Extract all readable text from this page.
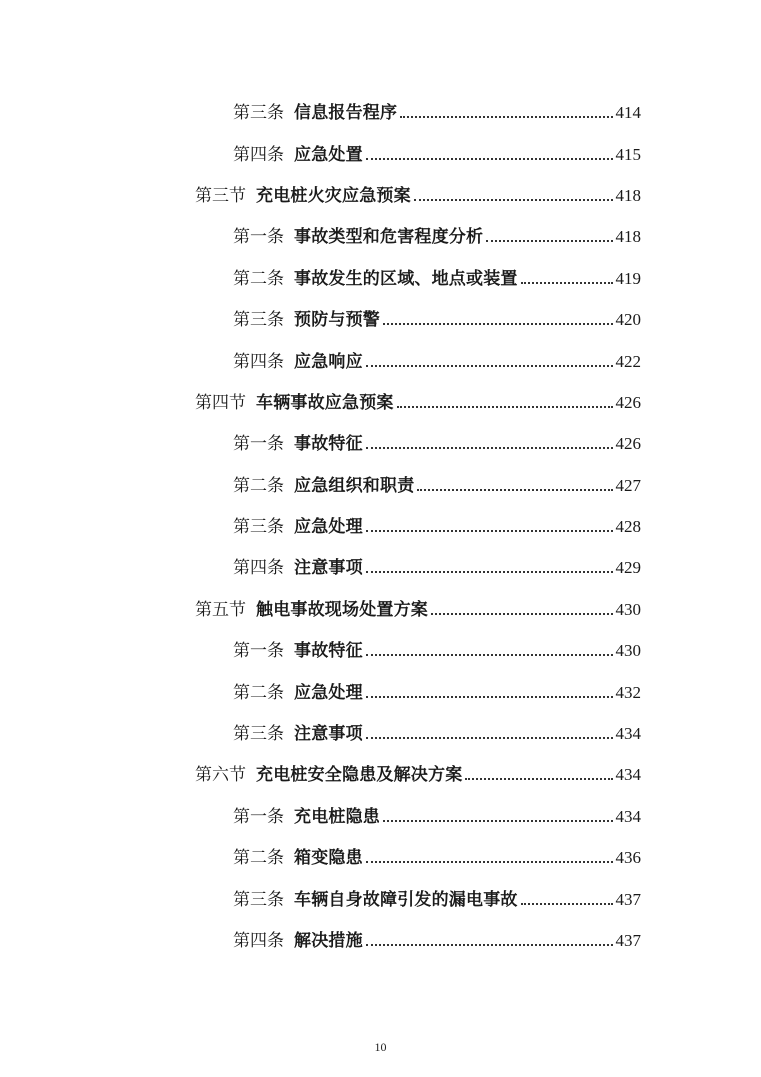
第三条 信息报告程序	414
第四条 应急处置	415
第三节 充电桩火灾应急预案	418
第一条 事故类型和危害程度分析	418
第二条 事故发生的区域、地点或装置	419
第三条 预防与预警	420
第四条 应急响应	422
第四节 车辆事故应急预案	426
第一条 事故特征	426
第二条 应急组织和职责	427
第三条 应急处理	428
第四条 注意事项	429
第五节 触电事故现场处置方案	430
第一条 事故特征	430
第二条 应急处理	432
第三条 注意事项	434
第六节 充电桩安全隐患及解决方案	434
第一条 充电桩隐患	434
第二条 箱变隐患	436
第三条 车辆自身故障引发的漏电事故	437
第四条 解决措施	437
10
